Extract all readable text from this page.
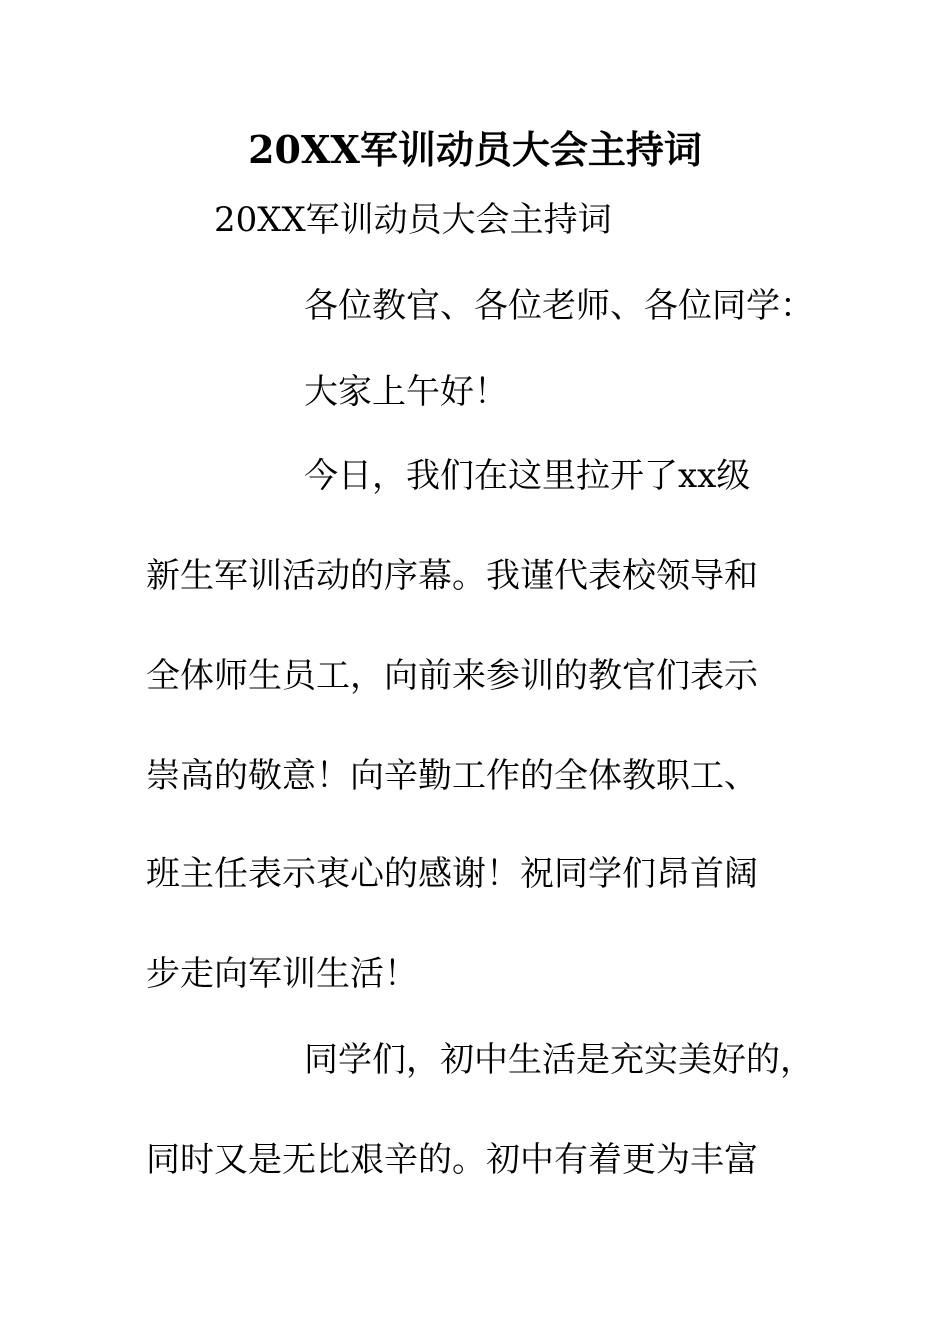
20XX军训动员大会主持词
20XX军训动员大会主持词
各位教官、各位老师、各位同学：
大家上午好！
今日，我们在这里拉开了xx级
新生军训活动的序幕。我谨代表校领导和
全体师生员工，向前来参训的教官们表示
崇高的敬意！向辛勤工作的全体教职工、
班主任表示衷心的感谢！祝同学们昂首阔
步走向军训生活！
同学们，初中生活是充实美好的，
同时又是无比艰辛的。初中有着更为丰富
